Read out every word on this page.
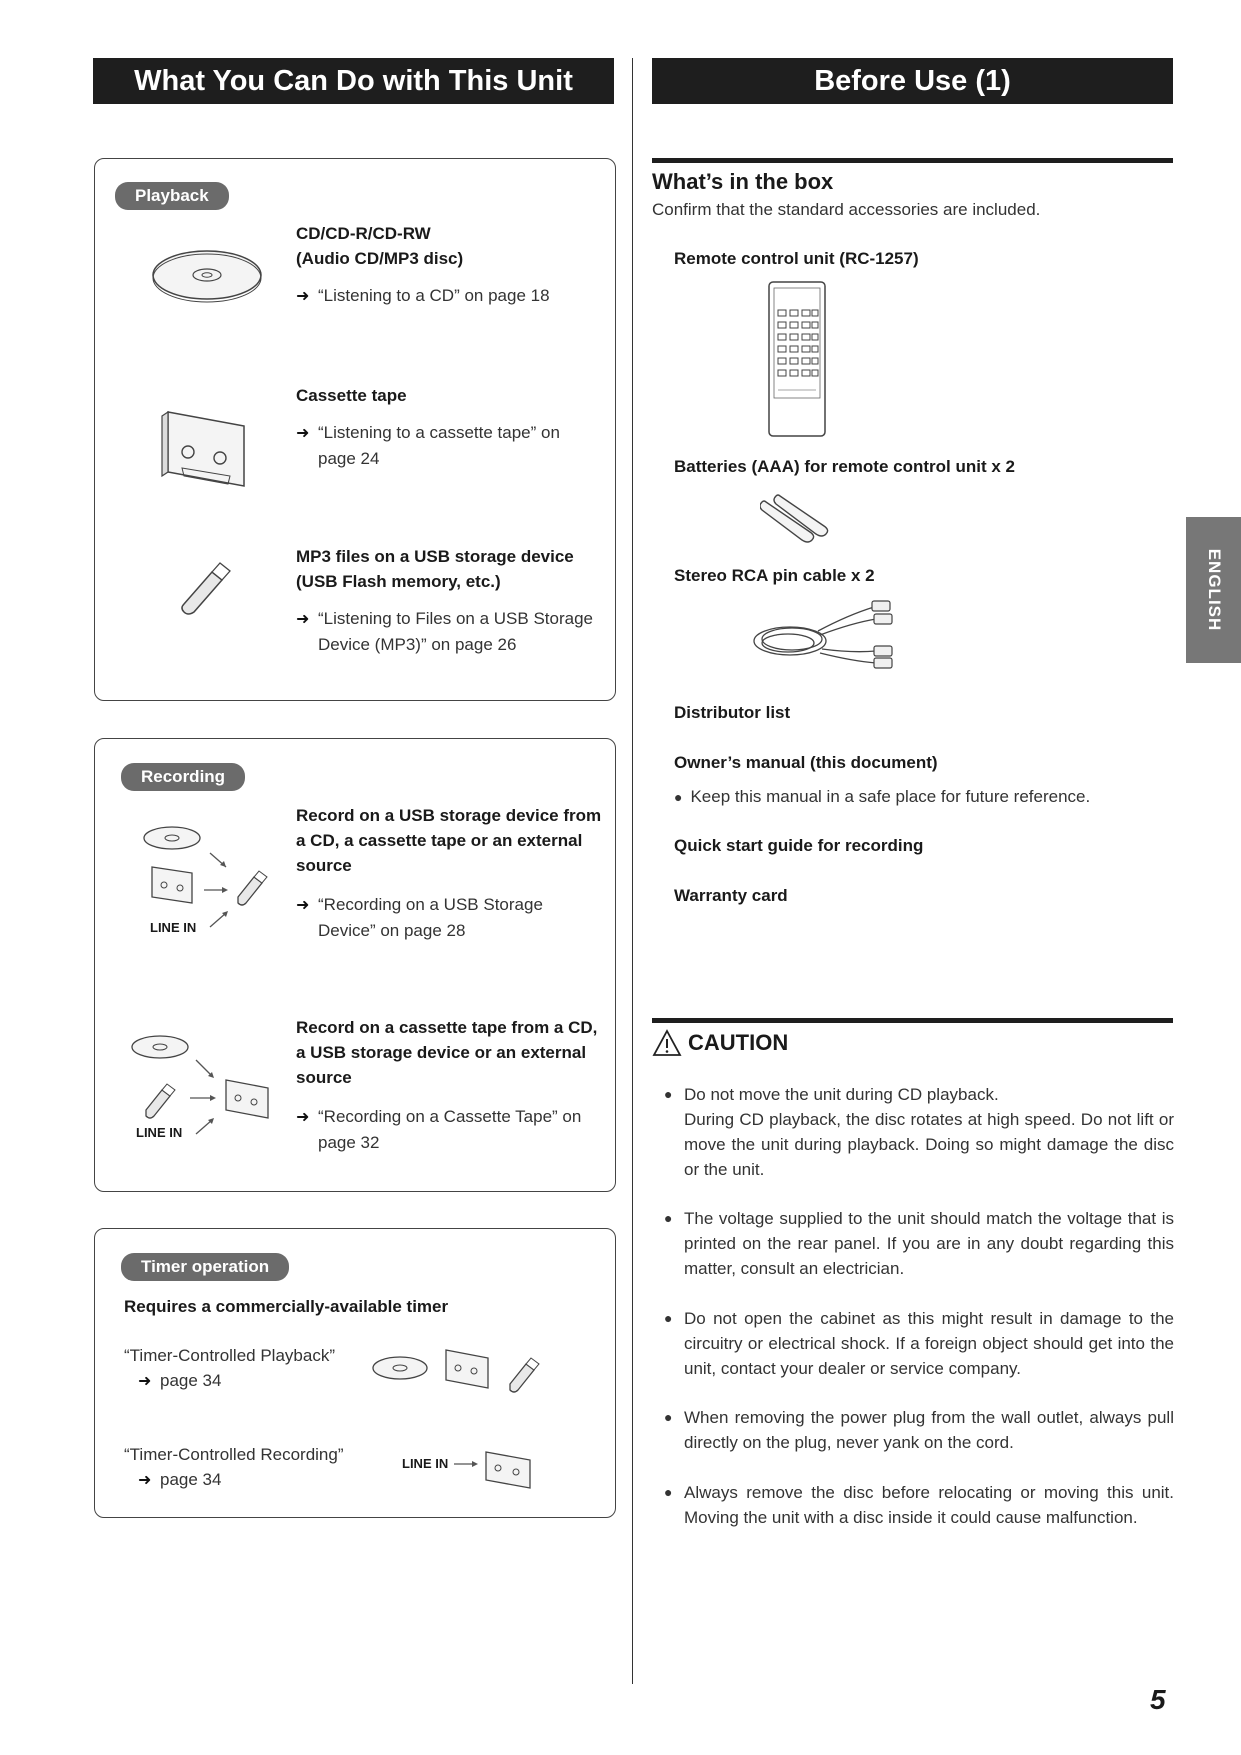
What You Can Do with This Unit	Before Use (1)
Playback
CD/CD-R/CD-RW
(Audio CD/MP3 disc)
➜ “Listening to a CD” on page 18
Cassette tape
➜ “Listening to a cassette tape” on
page 24
MP3 files on a USB storage device
(USB Flash memory, etc.)
➜ “Listening to Files on a USB Storage
Device (MP3)” on page 26
Recording
LINE IN
Record on a USB storage device from
a CD, a cassette tape or an external
source
➜ “Recording on a USB Storage
Device” on page 28
LINE IN
Record on a cassette tape from a CD,
a USB storage device or an external
source
➜ “Recording on a Cassette Tape” on
page 32
Timer operation
Requires a commercially-available timer
“Timer-Controlled Playback”
➜ page 34
“Timer-Controlled Recording”
➜ page 34
LINE IN
What’s in the box
Confirm that the standard accessories are included.
Remote control unit (RC-1257)
Batteries (AAA) for remote control unit x 2
Stereo RCA pin cable x 2
Distributor list
Owner’s manual (this document)
● Keep this manual in a safe place for future reference.
Quick start guide for recording
Warranty card
CAUTION
● Do not move the unit during CD playback.
During CD playback, the disc rotates at high speed. Do not lift or move the unit during playback. Doing so might damage the disc or the unit.
● The voltage supplied to the unit should match the voltage that is printed on the rear panel. If you are in any doubt regarding this matter, consult an electrician.
● Do not open the cabinet as this might result in damage to the circuitry or electrical shock. If a foreign object should get into the unit, contact your dealer or service company.
● When removing the power plug from the wall outlet, always pull directly on the plug, never yank on the cord.
● Always remove the disc before relocating or moving this unit. Moving the unit with a disc inside it could cause malfunction.
ENGLISH
5
